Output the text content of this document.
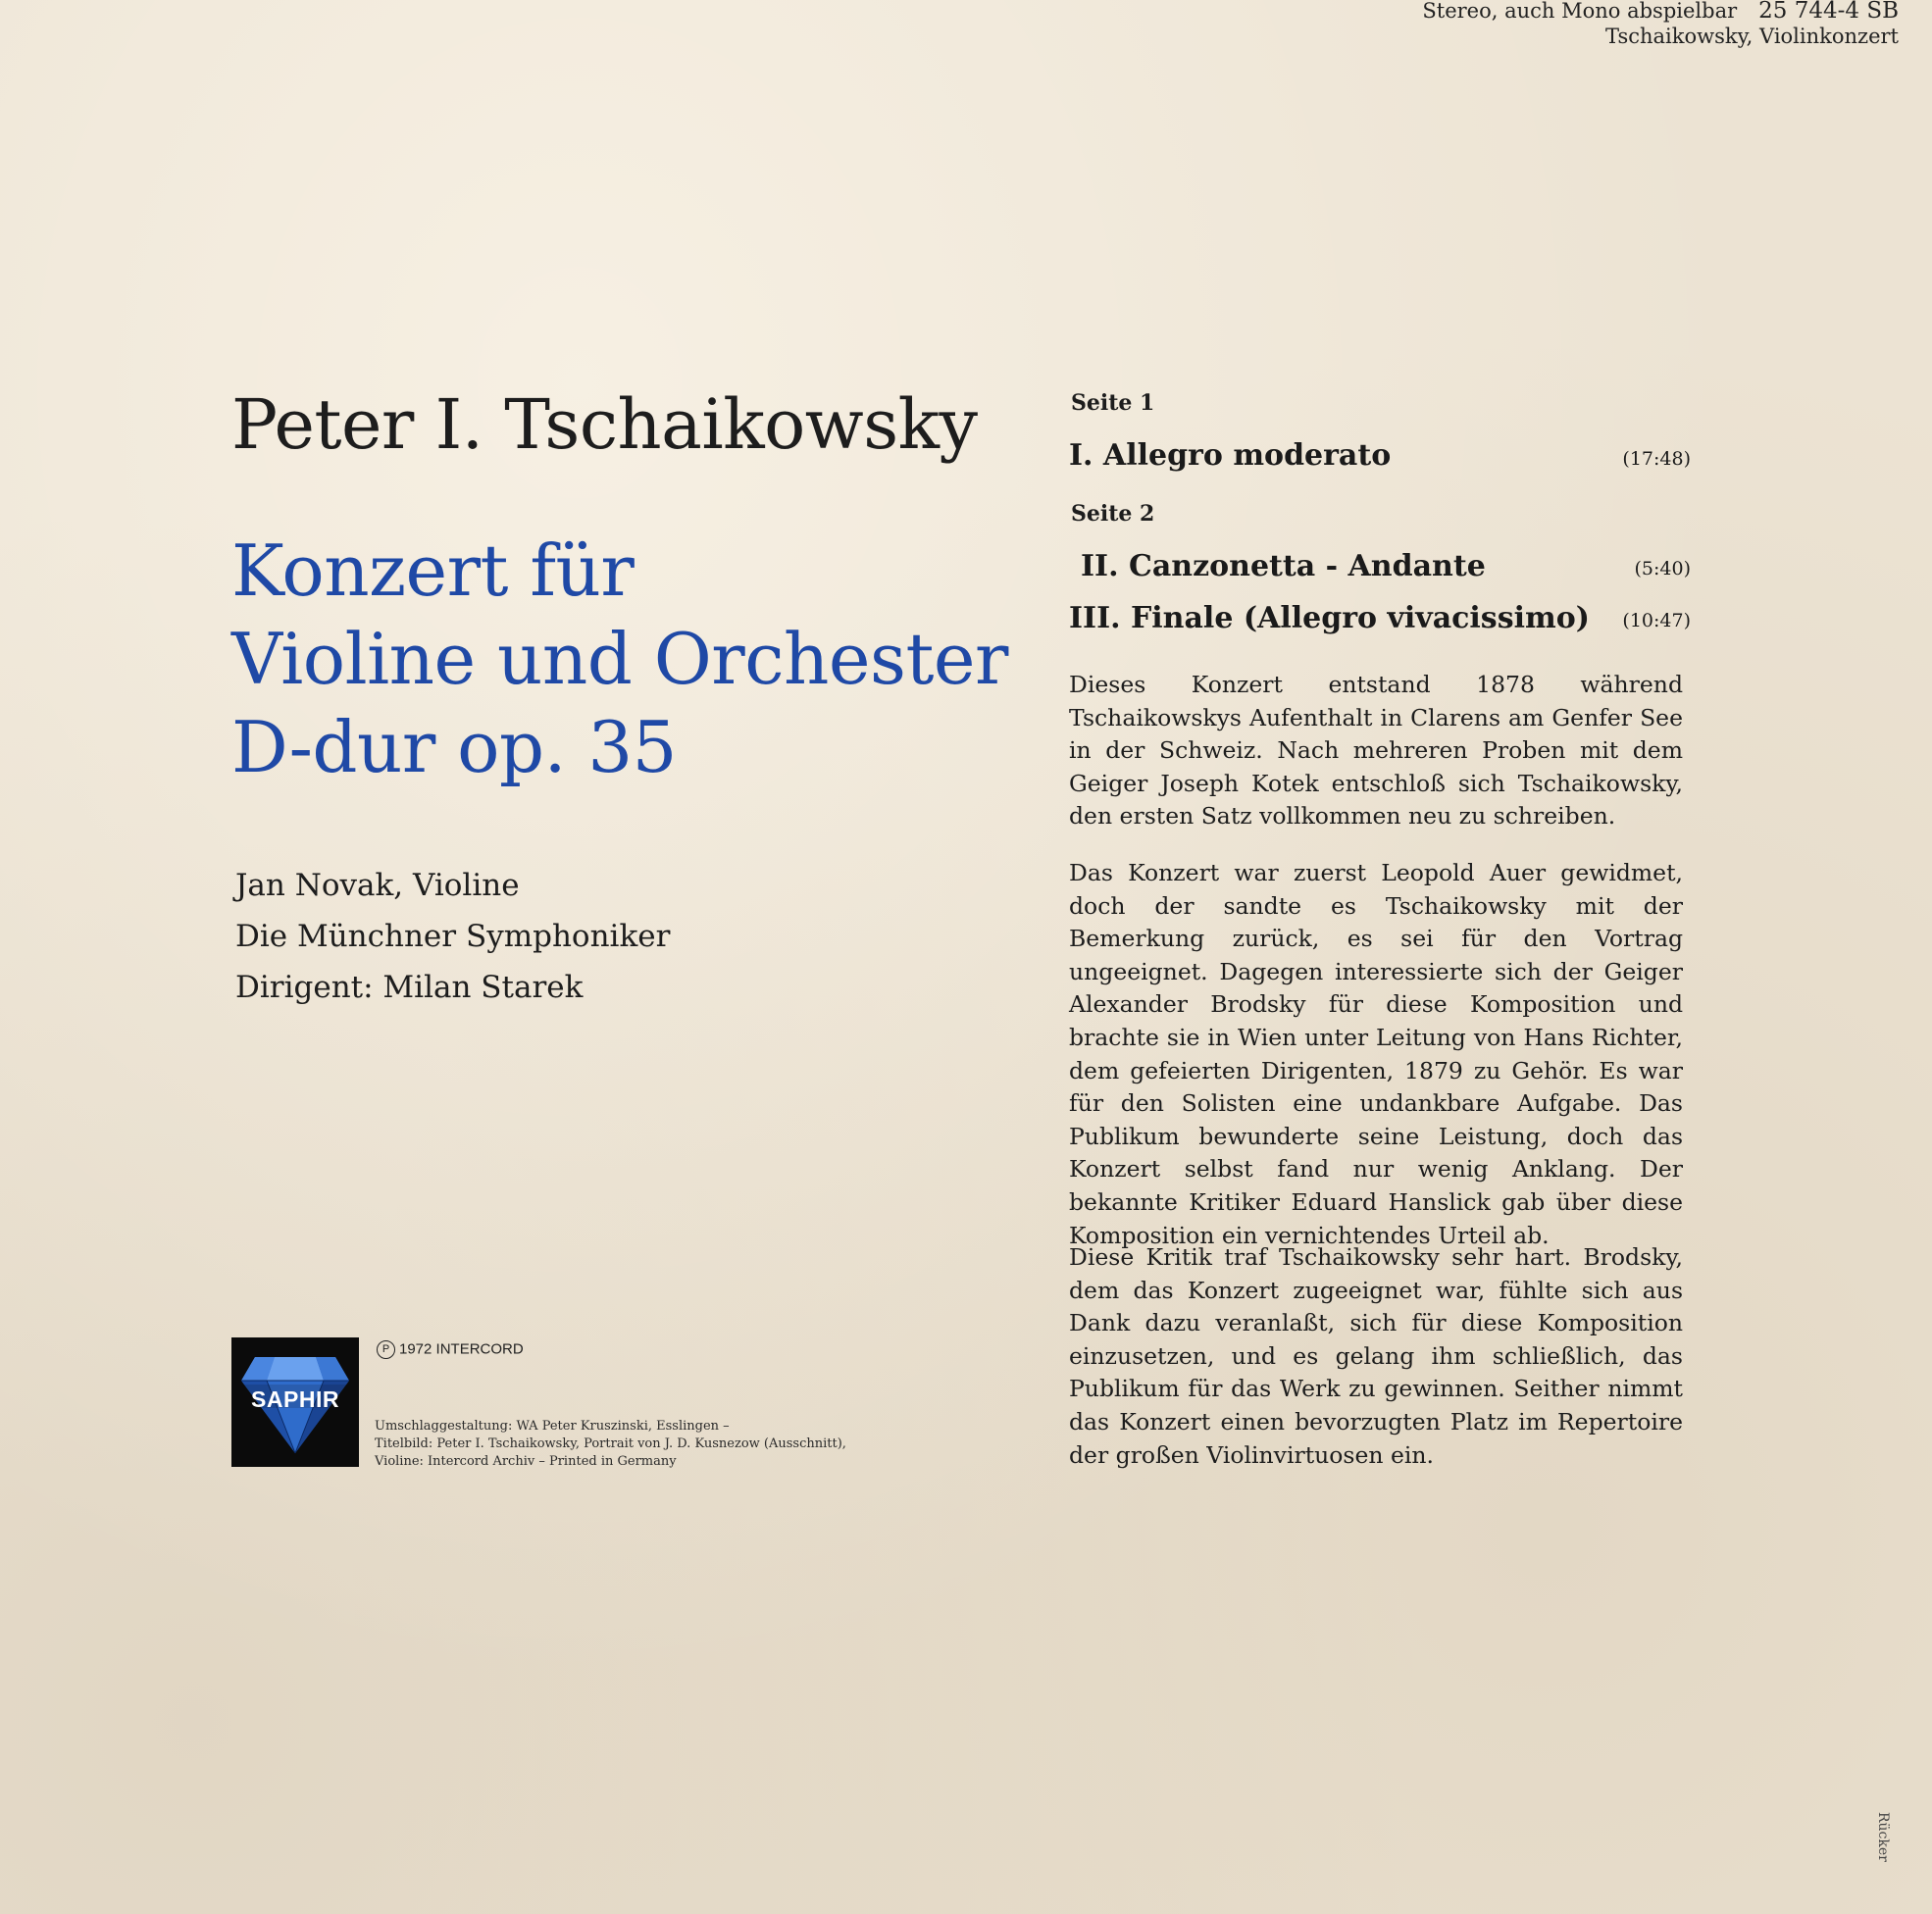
Stereo, auch Mono abspielbar 25 744-4 SB
Tschaikowsky, Violinkonzert
Peter I. Tschaikowsky
Konzert für
Violine und Orchester
D-dur op. 35
Jan Novak, Violine
Die Münchner Symphoniker
Dirigent: Milan Starek
SAPHIR
P 1972 INTERCORD
Umschlaggestaltung: WA Peter Kruszinski, Esslingen –
Titelbild: Peter I. Tschaikowsky, Portrait von J. D. Kusnezow (Ausschnitt),
Violine: Intercord Archiv – Printed in Germany
Seite 1
I. Allegro moderato	(17:48)
Seite 2
II. Canzonetta - Andante	(5:40)
III. Finale (Allegro vivacissimo)	(10:47)
Dieses Konzert entstand 1878 während Tschaikowskys Aufenthalt in Clarens am Genfer See in der Schweiz. Nach mehreren Proben mit dem Geiger Joseph Kotek entschloß sich Tschaikowsky, den ersten Satz vollkommen neu zu schreiben.
Das Konzert war zuerst Leopold Auer gewidmet, doch der sandte es Tschaikowsky mit der Bemerkung zurück, es sei für den Vortrag ungeeignet. Dagegen interessierte sich der Geiger Alexander Brodsky für diese Komposition und brachte sie in Wien unter Leitung von Hans Richter, dem gefeierten Dirigenten, 1879 zu Gehör. Es war für den Solisten eine undankbare Aufgabe. Das Publikum bewunderte seine Leistung, doch das Konzert selbst fand nur wenig Anklang. Der bekannte Kritiker Eduard Hanslick gab über diese Komposition ein vernichtendes Urteil ab.
Diese Kritik traf Tschaikowsky sehr hart. Brodsky, dem das Konzert zugeeignet war, fühlte sich aus Dank dazu veranlaßt, sich für diese Komposition einzusetzen, und es gelang ihm schließlich, das Publikum für das Werk zu gewinnen. Seither nimmt das Konzert einen bevorzugten Platz im Repertoire der großen Violinvirtuosen ein.
Rücker
